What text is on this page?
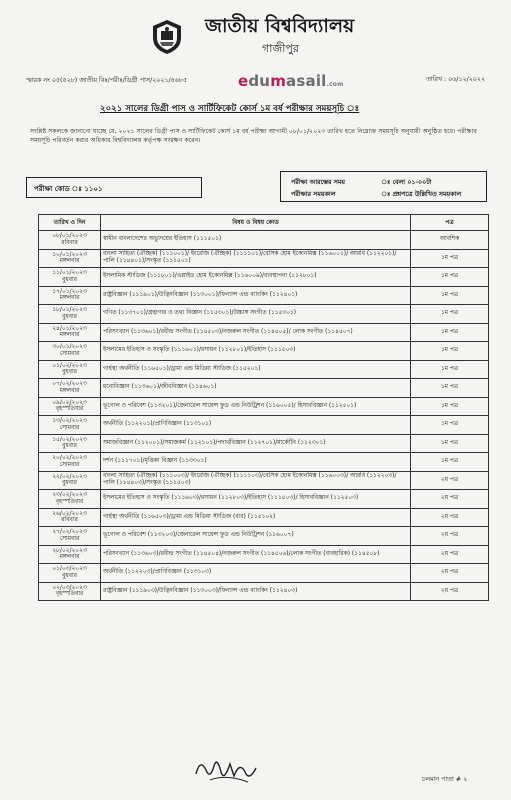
জাতীয় বিশ্ববিদ্যালয়
গাজীপুর
স্মারক নং ০৫(৫২৮) জাতীয় বিঃ/পরীঃ/ডিগ্রী পাস/২০২১/৪৬৮৫	edumasail.com
তারিখ : ০৬/১২/২০২২
২০২১ সালের ডিগ্রী পাস ও সার্টিফিকেট কোর্স ১ম বর্ষ পরীক্ষার সময়সূচি ঃ
সংশ্লিষ্ট সকলকে জানানো যাচ্ছে যে, ২০২১ সালের ডিগ্রী পাস ও সার্টিফিকেট কোর্স ১ম বর্ষ পরীক্ষা আগামী ০৮/০১/২০২৩ তারিখ হতে নিম্নোক্ত সময়সূচি অনুযায়ী অনুষ্ঠিত হবে। পরীক্ষার সময়সূচি পরিবর্তন করার অধিকার বিশ্ববিদ্যালয় কর্তৃপক্ষ সংরক্ষণ করেন।
পরীক্ষা কোড ঃ ১১০১
পরীক্ষা আরম্ভের সময়	ঃ বেলা ০১-০০টা
পরীক্ষার সময়কাল	ঃ প্রশ্নপত্রে উল্লিখিত সময়কাল
তারিখ ও দিন	বিষয় ও বিষয় কোড	পত্র

০৮/০১/২০২৩
রবিবার	স্বাধীন বাংলাদেশের অভ্যুদয়ের ইতিহাস (১১১৫০১)	আবশিক

১০/০১/২০২৩
মঙ্গলবার	বাংলা সাহিত্য (ঐচ্ছিক) (১১১০০১)/ ইংরেজি (ঐচ্ছিক) (১১১১০১)/বেসিক হোম ইকোনমিক্স (১১৬০০১)/ আরবি (১১২২০১)/ পালি (১১৪৪০১)/সংস্কৃত (১১১৫০১)	১ম পত্র

১১/০১/২০২৩
বুধবার	ইসলামিক স্টাডিজ (১১১৮০১)/এপ্লাইড হোম ইকোনমিক্স (১১৬০০৯)/ব্যবস্থাপনা (১১২৮০১)	১ম পত্র

১৭/০১/২০২৩
মঙ্গলবার	রাষ্ট্রবিজ্ঞান (১১১৯০১)/উদ্ভিদবিজ্ঞান (১১৩০০১)/ফিন্যান্স এন্ড ব্যাংকিং (১১২৪০১)	১ম পত্র

১৮/০১/২০২৩
বুধবার	গণিত (১১৩৭০১)/গ্রন্থাগার ও তথ্য বিজ্ঞান (১১৫৩০১)/উচ্চাঙ্গ সংগীত (১১৫৩০১)	১ম পত্র

২৪/০১/২০২৩
মঙ্গলবার	পরিসংখ্যান (১১৩৬০১)/রবীন্দ্র সংগীত (১১৪৫০৩)/নজরুল সংগীত (১১৪৫০৫)/ লোক সংগীত (১১৪৫০৭)	১ম পত্র

৩০/০১/২০২৩
সোমবার	ইসলামের ইতিহাস ও সংস্কৃতি (১১১৬০১)/রসায়ন (১১২৮০১)/ইতিহাস (১১১৫০৩)	১ম পত্র

০১/০২/২০২৩
বুধবার	গার্হস্থ্য অর্থনীতি (১১৬৫০১)/ড্রামা এন্ড মিডিয়া স্টাডিজ (১১৫২০১)	১ম পত্র

০৭/০২/২০২৩
মঙ্গলবার	মনোবিজ্ঞান (১১৩৬০১)/জীববিজ্ঞান (১১৪৬০১)	১ম পত্র

০৯/০২/২০২৩
বৃহস্পতিবার	ভূগোল ও পরিবেশ (১১৩২০১)/জেনারেল সায়েন্স ফুড এন্ড নিউট্রিশন (১১৬০০৫)/ হিসাববিজ্ঞান (১১২৫০১)	১ম পত্র

১৩/০২/২০২৩
সোমবার	অর্থনীতি (১১২২০১)/প্রাণিবিজ্ঞান (১১৩১০১)	১ম পত্র

১৫/০২/২০২৩
বুধবার	সমাজবিজ্ঞান (১১২০০১)/সমাজকর্ম (১১২১০১)/পদার্থবিজ্ঞান (১১২৭০১)/মার্কেটিং (১১২৩০১)	১ম পত্র

২০/০২/২০২৩
সোমবার	দর্শন (১১১৭০১)/মৃত্তিকা বিজ্ঞান (১১৩৩০১)	১ম পত্র

২২/০২/২০২৩
বুধবার	বাংলা সাহিত্য (ঐচ্ছিক) (১১১০০৩)/ ইংরেজি (ঐচ্ছিক) (১১১১০৩)/বেসিক হোম ইকোনমিক্স (১১৬০০৩)/ আরবি (১১২২০৩)/পালি (১১৪৪০৩)/সংস্কৃত (১১১৫০৩)	২য় পত্র

২৩/০২/২০২৩
বৃহস্পতিবার	ইসলামের ইতিহাস ও সংস্কৃতি (১১১৬০৩)/রসায়ন (১১২৮০৩)/ইতিহাস (১১১৫০৩)/ হিসাববিজ্ঞান (১১২৫০৩)	২য় পত্র

২৬/০২/২০২৩
রবিবার	গার্হস্থ্য অর্থনীতি (১১৬৫০৩)/ড্রামা এন্ড মিডিয়া স্টাডিজ (ব্যব) (১১৫১০২)	২য় পত্র

২৭/০২/২০২৩
সোমবার	ভূগোল ও পরিবেশ (১১৩২০৩)/জেনারেল সায়েন্স ফুড এন্ড নিউট্রিশন (১১৬০০৭)	২য় পত্র

২৮/০২/২০২৩
মঙ্গলবার	পরিসংখ্যান (১১৩৬০৩)/রবীন্দ্র সংগীত (১১৪৫০৪)/নজরুল সংগীত (১১৪৫০৬)/লোক সংগীত (ব্যবহারিক) (১১৪৫০৮)	২য় পত্র

০১/০৩/২০২৩
বুধবার	অর্থনীতি (১১২২০৩)/প্রাণিবিজ্ঞান (১১৩১০৩)	২য় পত্র

০২/০৩/২০২৩
বৃহস্পতিবার	রাষ্ট্রবিজ্ঞান (১১১৯০৩)/উদ্ভিদবিজ্ঞান (১১৩০০৩)/ফিন্যান্স এন্ড ব্যাংকিং (১১২৪০৩)	২য় পত্র
চলমান পাতা # ২
